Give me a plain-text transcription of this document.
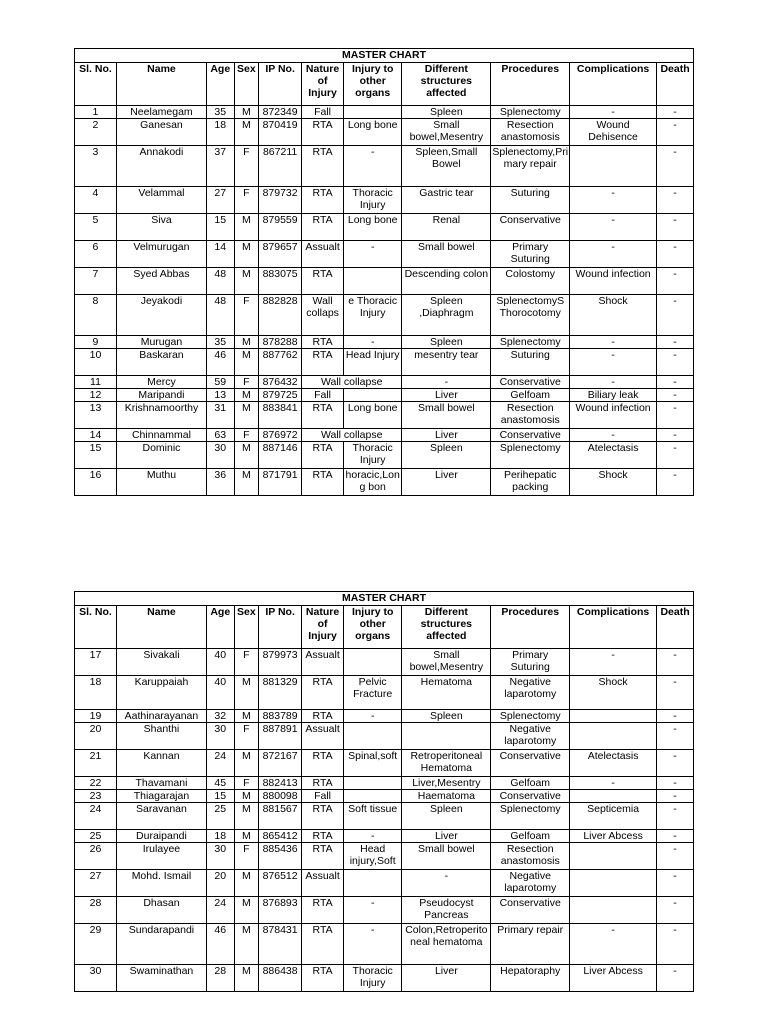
MASTER CHART										
Sl. No.	Name	Age	Sex	IP No.	Nature of Injury	Injury to other organs	Different structures affected	Procedures	Complications	Death
1	Neelamegam	35	M	872349	Fall		Spleen	Splenectomy	-	-
2	Ganesan	18	M	870419	RTA	Long bone	Small bowel,Mesentry	Resection anastomosis	Wound Dehisence	-
3	Annakodi	37	F	867211	RTA	-	Spleen,Small Bowel	Splenectomy,Primary repair		-
4	Velammal	27	F	879732	RTA	Thoracic Injury	Gastric tear	Suturing	-	-
5	Siva	15	M	879559	RTA	Long bone	Renal	Conservative	-	-
6	Velmurugan	14	M	879657	Assualt	-	Small bowel	Primary Suturing	-	-
7	Syed Abbas	48	M	883075	RTA		Descending colon	Colostomy	Wound infection	-
8	Jeyakodi	48	F	882828	Wall collaps	e Thoracic Injury	Spleen ,Diaphragm	SplenectomyS Thorocotomy	Shock	-
9	Murugan	35	M	878288	RTA	-	Spleen	Splenectomy	-	-
10	Baskaran	46	M	887762	RTA	Head Injury	mesentry tear	Suturing	-	-
11	Mercy	59	F	876432	Wall collapse		-	Conservative	-	-
12	Maripandi	13	M	879725	Fall		Liver	Gelfoam	Biliary leak	-
13	Krishnamoorthy	31	M	883841	RTA	Long bone	Small bowel	Resection anastomosis	Wound infection	-
14	Chinnammal	63	F	876972	Wall collapse		Liver	Conservative	-	-
15	Dominic	30	M	887146	RTA	Thoracic Injury	Spleen	Splenectomy	Atelectasis	-
16	Muthu	36	M	871791	RTA	horacic,Long bon	Liver	Perihepatic packing	Shock	-
MASTER CHART										
Sl. No.	Name	Age	Sex	IP No.	Nature of Injury	Injury to other organs	Different structures affected	Procedures	Complications	Death
17	Sivakali	40	F	879973	Assualt		Small bowel,Mesentry	Primary Suturing	-	-
18	Karuppaiah	40	M	881329	RTA	Pelvic Fracture	Hematoma	Negative laparotomy	Shock	-
19	Aathinarayanan	32	M	883789	RTA	-	Spleen	Splenectomy		-
20	Shanthi	30	F	887891	Assualt			Negative laparotomy		-
21	Kannan	24	M	872167	RTA	Spinal,soft	Retroperitoneal Hematoma	Conservative	Atelectasis	-
22	Thavamani	45	F	882413	RTA		Liver,Mesentry	Gelfoam	-	-
23	Thiagarajan	15	M	880098	Fall		Haematoma	Conservative		-
24	Saravanan	25	M	881567	RTA	Soft tissue	Spleen	Splenectomy	Septicemia	-
25	Duraipandi	18	M	865412	RTA	-	Liver	Gelfoam	Liver Abcess	-
26	Irulayee	30	F	885436	RTA	Head injury,Soft	Small bowel	Resection anastomosis		-
27	Mohd. Ismail	20	M	876512	Assualt		-	Negative laparotomy		-
28	Dhasan	24	M	876893	RTA	-	Pseudocyst Pancreas	Conservative		-
29	Sundarapandi	46	M	878431	RTA	-	Colon,Retroperitoneal hematoma	Primary repair	-	-
30	Swaminathan	28	M	886438	RTA	Thoracic Injury	Liver	Hepatoraphy	Liver Abcess	-
